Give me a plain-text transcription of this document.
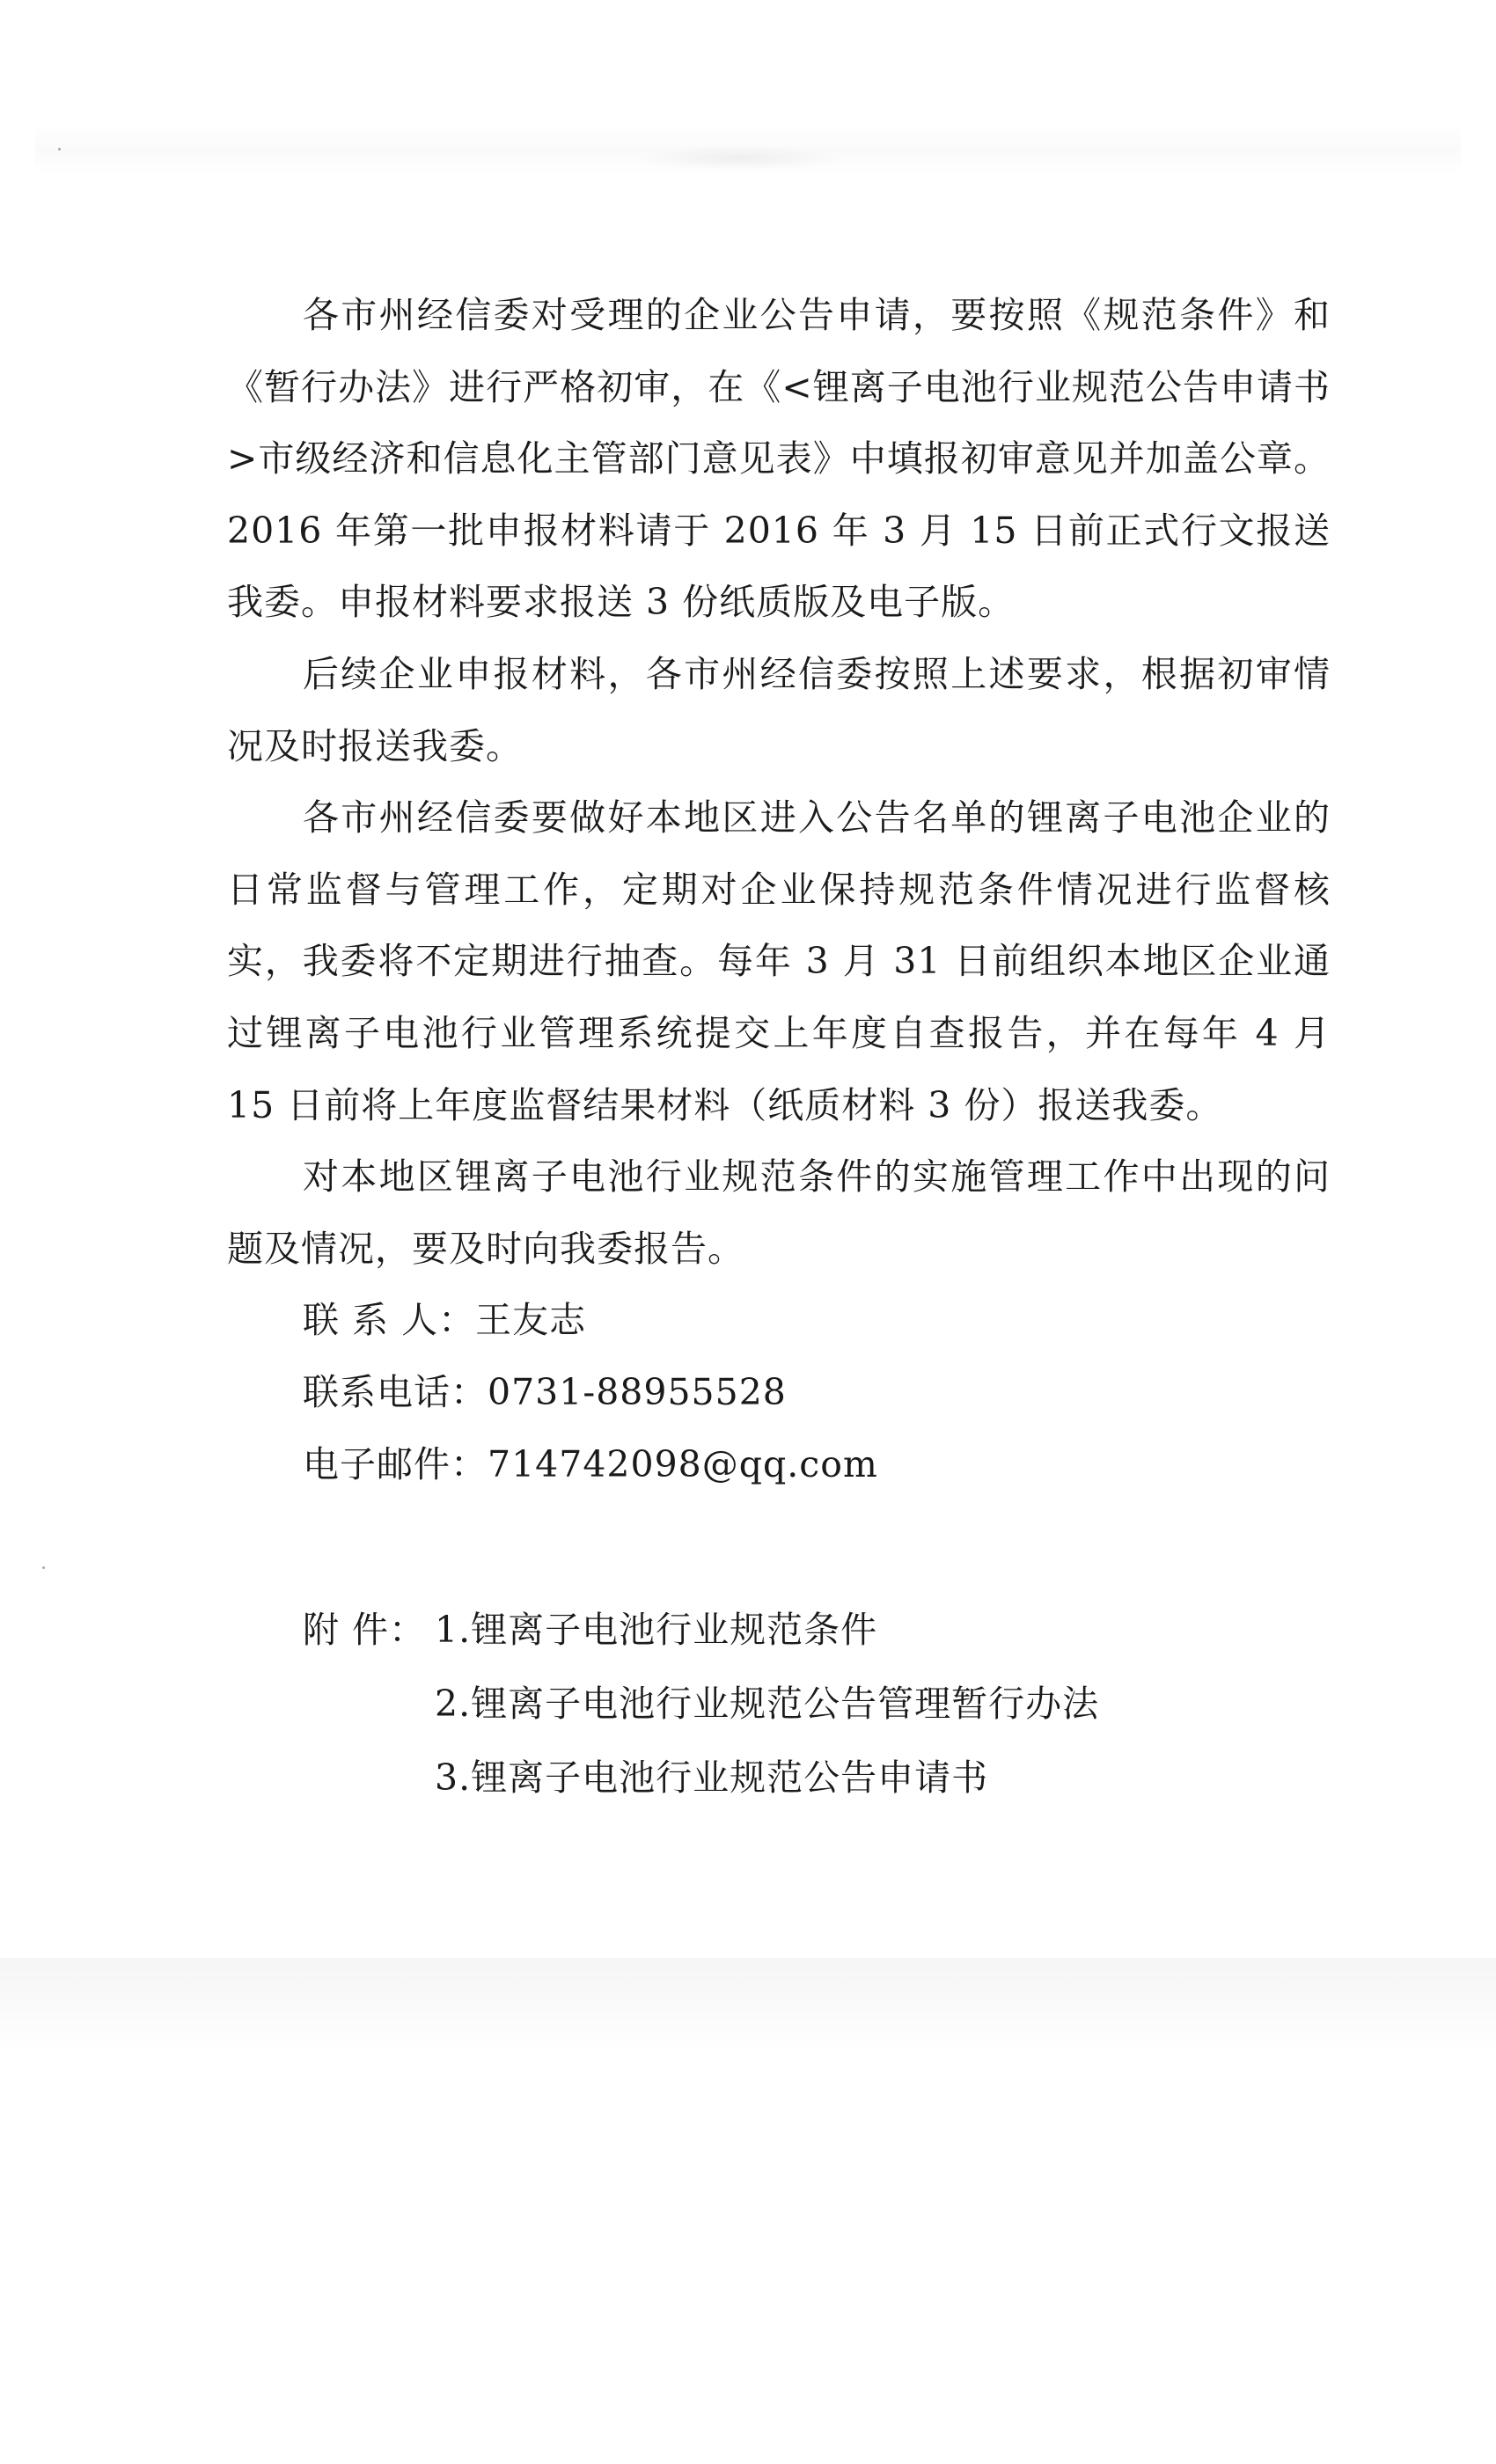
各市州经信委对受理的企业公告申请，要按照《规范条件》和《暂行办法》进行严格初审，在《<锂离子电池行业规范公告申请书>市级经济和信息化主管部门意见表》中填报初审意见并加盖公章。2016 年第一批申报材料请于 2016 年 3 月 15 日前正式行文报送我委。申报材料要求报送 3 份纸质版及电子版。

后续企业申报材料，各市州经信委按照上述要求，根据初审情况及时报送我委。

各市州经信委要做好本地区进入公告名单的锂离子电池企业的日常监督与管理工作，定期对企业保持规范条件情况进行监督核实，我委将不定期进行抽查。每年 3 月 31 日前组织本地区企业通过锂离子电池行业管理系统提交上年度自查报告，并在每年 4 月 15 日前将上年度监督结果材料（纸质材料 3 份）报送我委。

对本地区锂离子电池行业规范条件的实施管理工作中出现的问题及情况，要及时向我委报告。

联 系 人：王友志
联系电话：0731-88955528
电子邮件：714742098@qq.com
附 件： 1.锂离子电池行业规范条件
2.锂离子电池行业规范公告管理暂行办法
3.锂离子电池行业规范公告申请书
